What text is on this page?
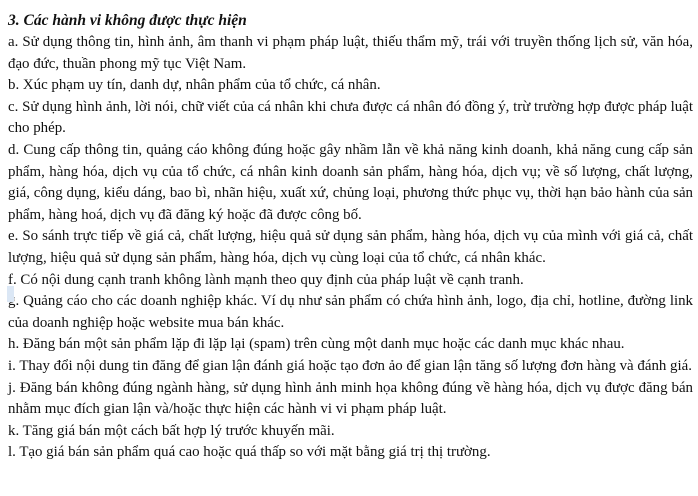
3. Các hành vi không được thực hiện

a. Sử dụng thông tin, hình ảnh, âm thanh vi phạm pháp luật, thiếu thẩm mỹ, trái với truyền thống lịch sử, văn hóa, đạo đức, thuần phong mỹ tục Việt Nam.

b. Xúc phạm uy tín, danh dự, nhân phẩm của tổ chức, cá nhân.

c. Sử dụng hình ảnh, lời nói, chữ viết của cá nhân khi chưa được cá nhân đó đồng ý, trừ trường hợp được pháp luật cho phép.

d. Cung cấp thông tin, quảng cáo không đúng hoặc gây nhầm lẫn về khả năng kinh doanh, khả năng cung cấp sản phẩm, hàng hóa, dịch vụ của tổ chức, cá nhân kinh doanh sản phẩm, hàng hóa, dịch vụ; về số lượng, chất lượng, giá, công dụng, kiểu dáng, bao bì, nhãn hiệu, xuất xứ, chủng loại, phương thức phục vụ, thời hạn bảo hành của sản phẩm, hàng hoá, dịch vụ đã đăng ký hoặc đã được công bố.

e. So sánh trực tiếp về giá cả, chất lượng, hiệu quả sử dụng sản phẩm, hàng hóa, dịch vụ của mình với giá cả, chất lượng, hiệu quả sử dụng sản phẩm, hàng hóa, dịch vụ cùng loại của tổ chức, cá nhân khác.

f. Có nội dung cạnh tranh không lành mạnh theo quy định của pháp luật về cạnh tranh.

g. Quảng cáo cho các doanh nghiệp khác. Ví dụ như sản phẩm có chứa hình ảnh, logo, địa chỉ, hotline, đường link của doanh nghiệp hoặc website mua bán khác.

h. Đăng bán một sản phẩm lặp đi lặp lại (spam) trên cùng một danh mục hoặc các danh mục khác nhau.

i. Thay đổi nội dung tin đăng để gian lận đánh giá hoặc tạo đơn ảo để gian lận tăng số lượng đơn hàng và đánh giá.

j. Đăng bán không đúng ngành hàng, sử dụng hình ảnh minh họa không đúng về hàng hóa, dịch vụ được đăng bán nhằm mục đích gian lận và/hoặc thực hiện các hành vi vi phạm pháp luật.

k. Tăng giá bán một cách bất hợp lý trước khuyến mãi.

l. Tạo giá bán sản phẩm quá cao hoặc quá thấp so với mặt bằng giá trị thị trường.
